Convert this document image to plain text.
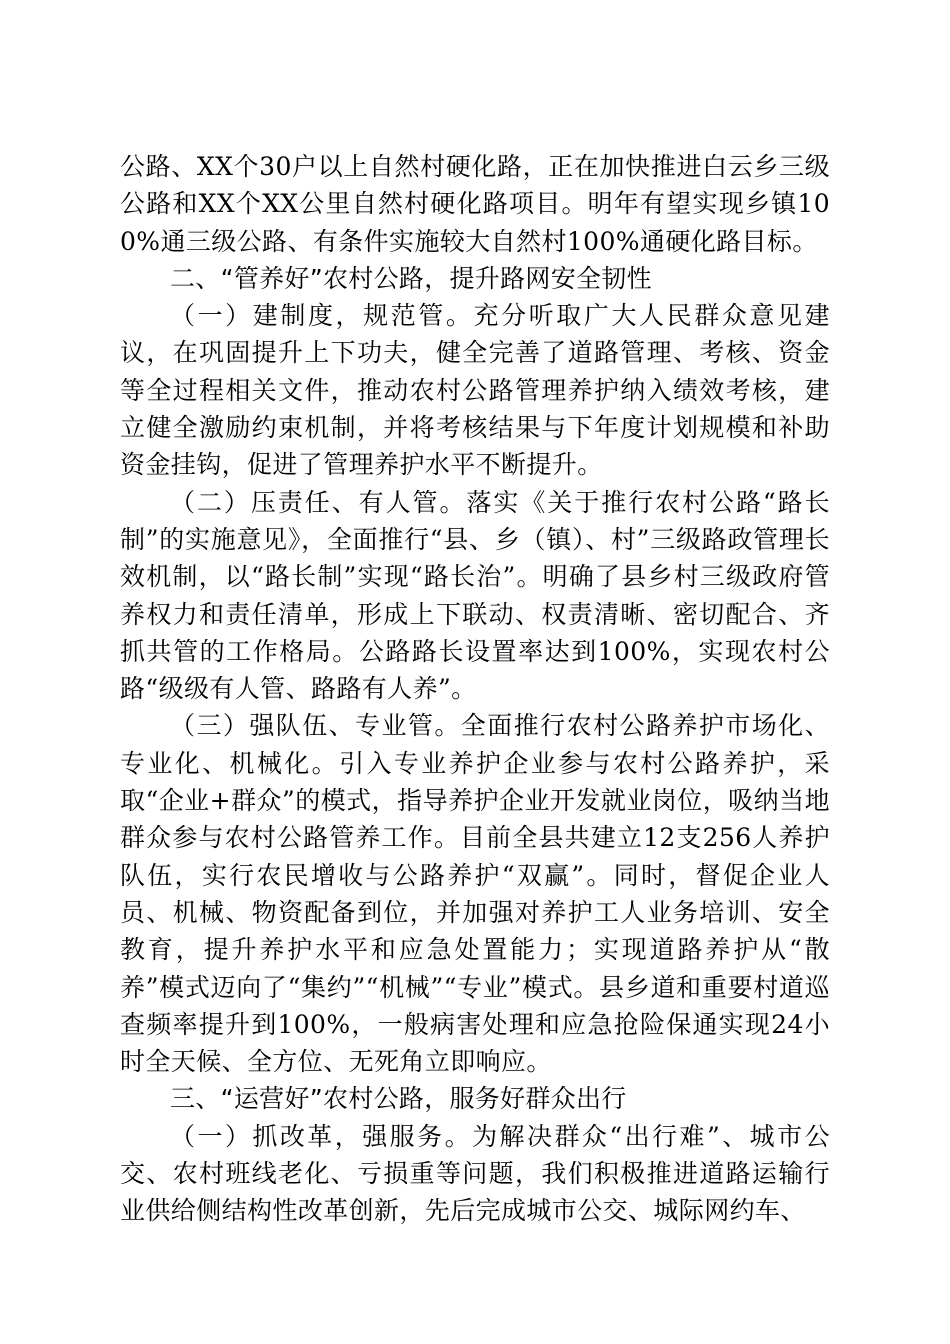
公路、XX个30户以上自然村硬化路，正在加快推进白云乡三级公路和XX个XX公里自然村硬化路项目。明年有望实现乡镇100%通三级公路、有条件实施较大自然村100%通硬化路目标。

二、“管养好”农村公路，提升路网安全韧性

（一）建制度，规范管。充分听取广大人民群众意见建议，在巩固提升上下功夫，健全完善了道路管理、考核、资金等全过程相关文件，推动农村公路管理养护纳入绩效考核，建立健全激励约束机制，并将考核结果与下年度计划规模和补助资金挂钩，促进了管理养护水平不断提升。

（二）压责任、有人管。落实《关于推行农村公路“路长制”的实施意见》，全面推行“县、乡（镇）、村”三级路政管理长效机制，以“路长制”实现“路长治”。明确了县乡村三级政府管养权力和责任清单，形成上下联动、权责清晰、密切配合、齐抓共管的工作格局。公路路长设置率达到100%，实现农村公路“级级有人管、路路有人养”。

（三）强队伍、专业管。全面推行农村公路养护市场化、专业化、机械化。引入专业养护企业参与农村公路养护，采取“企业+群众”的模式，指导养护企业开发就业岗位，吸纳当地群众参与农村公路管养工作。目前全县共建立12支256人养护队伍，实行农民增收与公路养护“双赢”。同时，督促企业人员、机械、物资配备到位，并加强对养护工人业务培训、安全教育，提升养护水平和应急处置能力；实现道路养护从“散养”模式迈向了“集约”“机械”“专业”模式。县乡道和重要村道巡查频率提升到100%，一般病害处理和应急抢险保通实现24小时全天候、全方位、无死角立即响应。

三、“运营好”农村公路，服务好群众出行

（一）抓改革，强服务。为解决群众“出行难”、城市公交、农村班线老化、亏损重等问题，我们积极推进道路运输行业供给侧结构性改革创新，先后完成城市公交、城际网约车、
